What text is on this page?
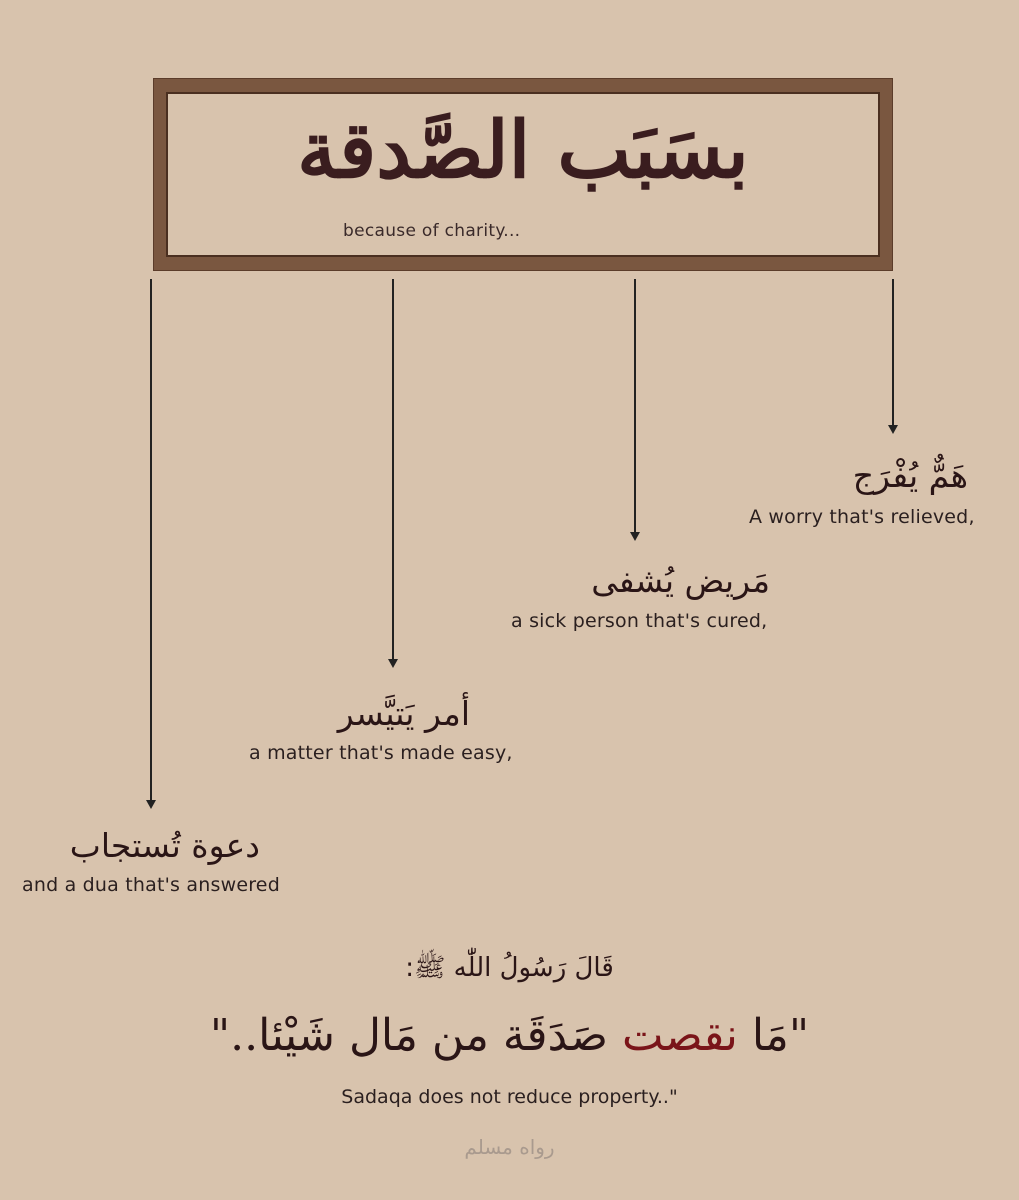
بسَبَب الصَّدقة
because of charity...
هَمٌّ يُفْرَج
A worry that's relieved,
مَريض يُشفى
a sick person that's cured,
أمر يَتيَّسر
a matter that's made easy,
دعوة تُستجاب
and a dua that's answered
قَالَ رَسُولُ اللّٰه ﷺ:
"مَا نقصت صَدَقَة من مَال شَيْئا.."
Sadaqa does not reduce property.."
رواه مسلم
